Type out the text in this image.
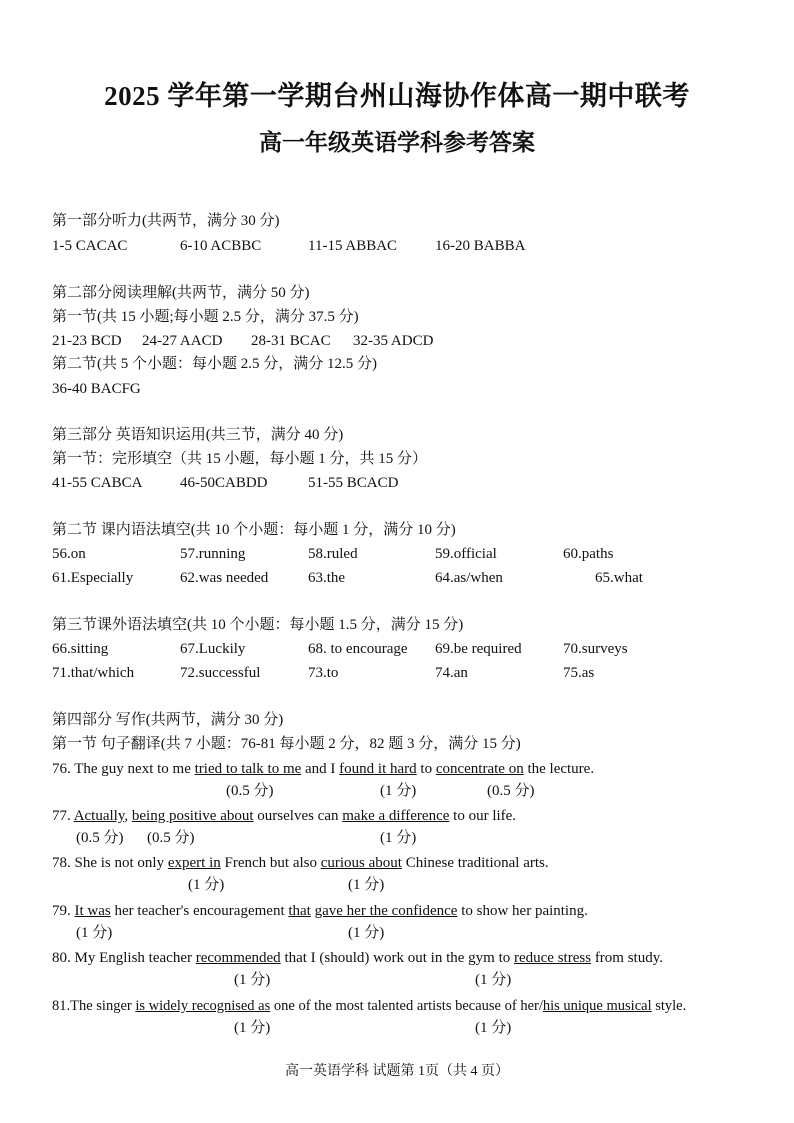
2025 学年第一学期台州山海协作体高一期中联考
高一年级英语学科参考答案
第一部分听力(共两节，满分 30 分)
1-5 CACAC	6-10 ACBBC	11-15 ABBAC	16-20 BABBA
第二部分阅读理解(共两节，满分 50 分)
第一节(共 15 小题;每小题 2.5 分，满分 37.5 分)
21-23 BCD 24-27 AACD 28-31 BCAC 32-35 ADCD
第二节(共 5 个小题：每小题 2.5 分，满分 12.5 分)
36-40 BACFG
第三部分 英语知识运用(共三节，满分 40 分)
第一节：完形填空（共 15 小题，每小题 1 分，共 15 分）
41-55 CABCA	46-50CABDD	51-55 BCACD
第二节 课内语法填空(共 10 个小题：每小题 1 分，满分 10 分)
56.on	57.running	58.ruled	59.official	60.paths
61.Especially	62.was needed	63.the	64.as/when	65.what
第三节课外语法填空(共 10 个小题：每小题 1.5 分，满分 15 分)
66.sitting	67.Luckily	68. to encourage 69.be required	70.surveys
71.that/which	72.successful	73.to	74.an	75.as
第四部分 写作(共两节，满分 30 分)
第一节 句子翻译(共 7 小题：76-81 每小题 2 分，82 题 3 分，满分 15 分)
76. The guy next to me tried to talk to me and I found it hard to concentrate on the lecture.
(0.5 分)	(1 分)	(0.5 分)
77. Actually, being positive about ourselves can make a difference to our life.
(0.5 分) (0.5 分)	(1 分)
78. She is not only expert in French but also curious about Chinese traditional arts.
(1 分)	(1 分)
79. It was her teacher's encouragement that gave her the confidence to show her painting.
(1 分)	(1 分)
80. My English teacher recommended that I (should) work out in the gym to reduce stress from study.
(1 分)	(1 分)
81.The singer is widely recognised as one of the most talented artists because of her/his unique musical style.
(1 分)	(1 分)
高一英语学科 试题第 1页（共 4 页）
